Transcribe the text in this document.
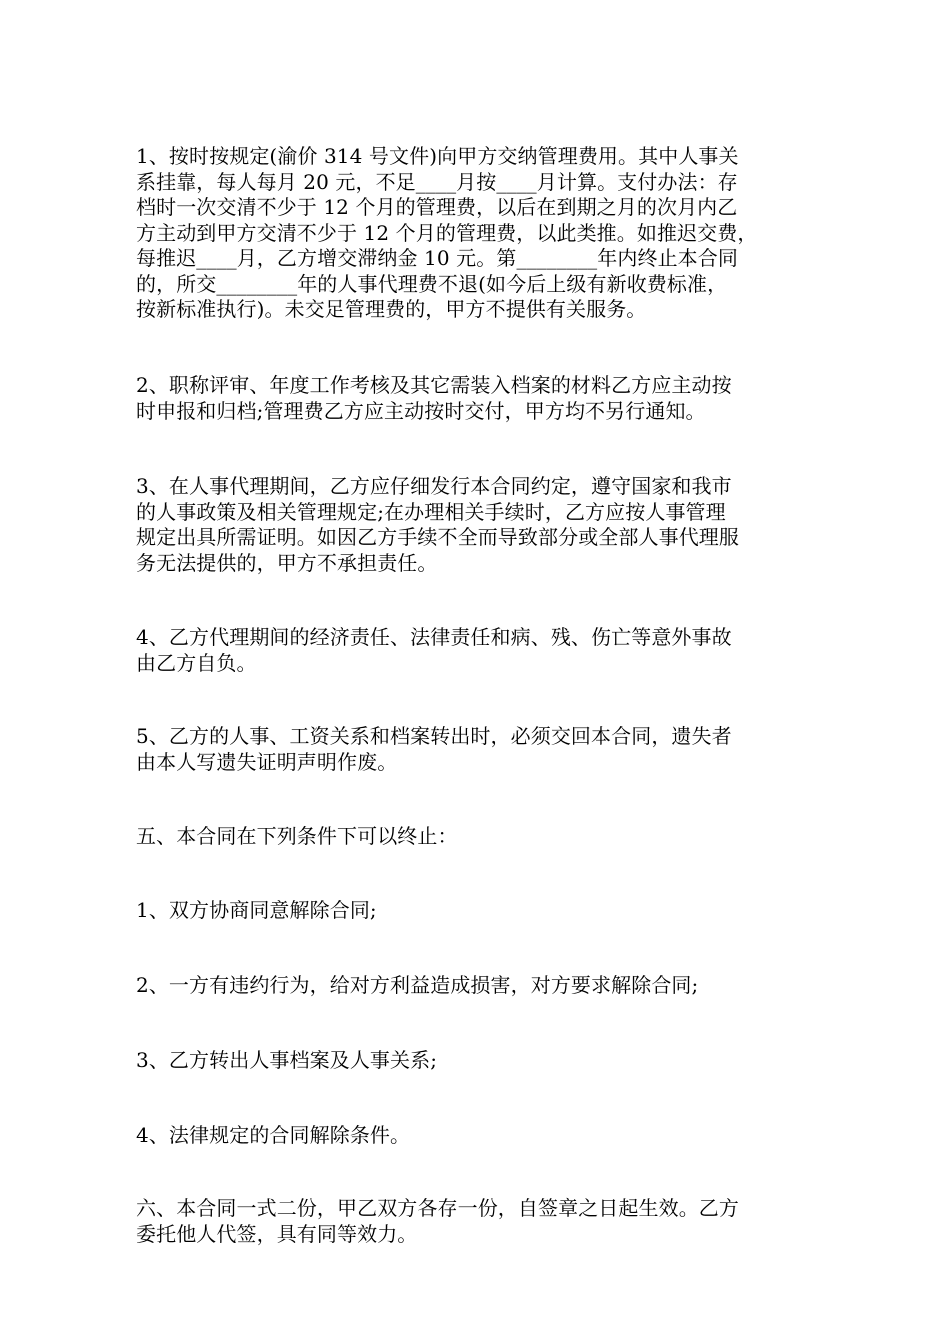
1、按时按规定(渝价 314 号文件)向甲方交纳管理费用。其中人事关
系挂靠，每人每月 20 元，不足____月按____月计算。支付办法：存
档时一次交清不少于 12 个月的管理费，以后在到期之月的次月内乙
方主动到甲方交清不少于 12 个月的管理费，以此类推。如推迟交费，
每推迟____月，乙方增交滞纳金 10 元。第________年内终止本合同
的，所交________年的人事代理费不退(如今后上级有新收费标准，
按新标准执行)。未交足管理费的，甲方不提供有关服务。

2、职称评审、年度工作考核及其它需装入档案的材料乙方应主动按
时申报和归档;管理费乙方应主动按时交付，甲方均不另行通知。

3、在人事代理期间，乙方应仔细发行本合同约定，遵守国家和我市
的人事政策及相关管理规定;在办理相关手续时，乙方应按人事管理
规定出具所需证明。如因乙方手续不全而导致部分或全部人事代理服
务无法提供的，甲方不承担责任。

4、乙方代理期间的经济责任、法律责任和病、残、伤亡等意外事故
由乙方自负。

5、乙方的人事、工资关系和档案转出时，必须交回本合同，遗失者
由本人写遗失证明声明作废。

五、本合同在下列条件下可以终止：

1、双方协商同意解除合同;

2、一方有违约行为，给对方利益造成损害，对方要求解除合同;

3、乙方转出人事档案及人事关系;

4、法律规定的合同解除条件。

六、本合同一式二份，甲乙双方各存一份，自签章之日起生效。乙方
委托他人代签，具有同等效力。
